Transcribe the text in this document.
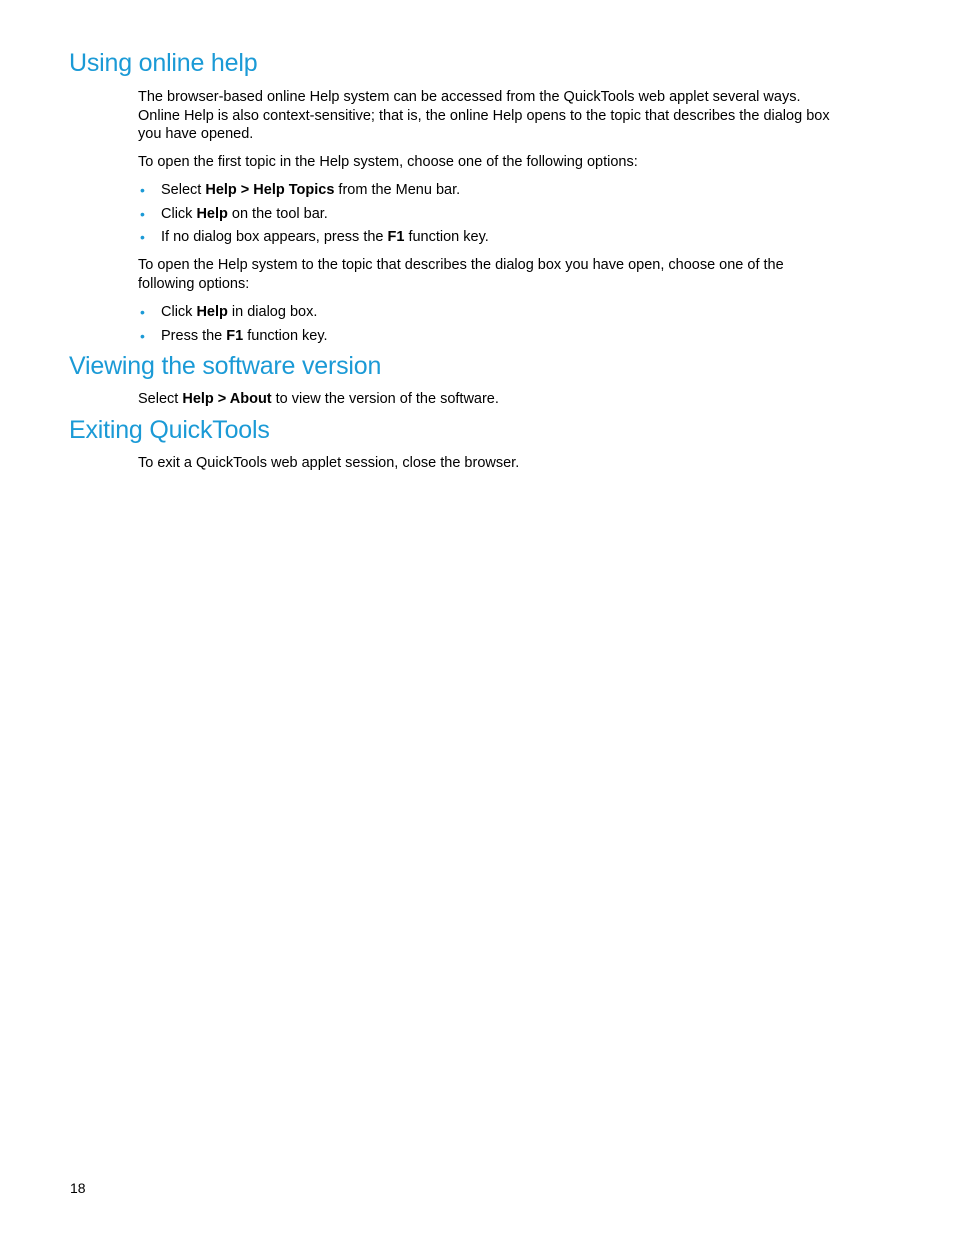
Using online help

The browser-based online Help system can be accessed from the QuickTools web applet several ways. Online Help is also context-sensitive; that is, the online Help opens to the topic that describes the dialog box you have opened.

To open the first topic in the Help system, choose one of the following options:

• Select Help > Help Topics from the Menu bar.
• Click Help on the tool bar.
• If no dialog box appears, press the F1 function key.

To open the Help system to the topic that describes the dialog box you have open, choose one of the following options:

• Click Help in dialog box.
• Press the F1 function key.
Viewing the software version

Select Help > About to view the version of the software.

Exiting QuickTools

To exit a QuickTools web applet session, close the browser.

18
